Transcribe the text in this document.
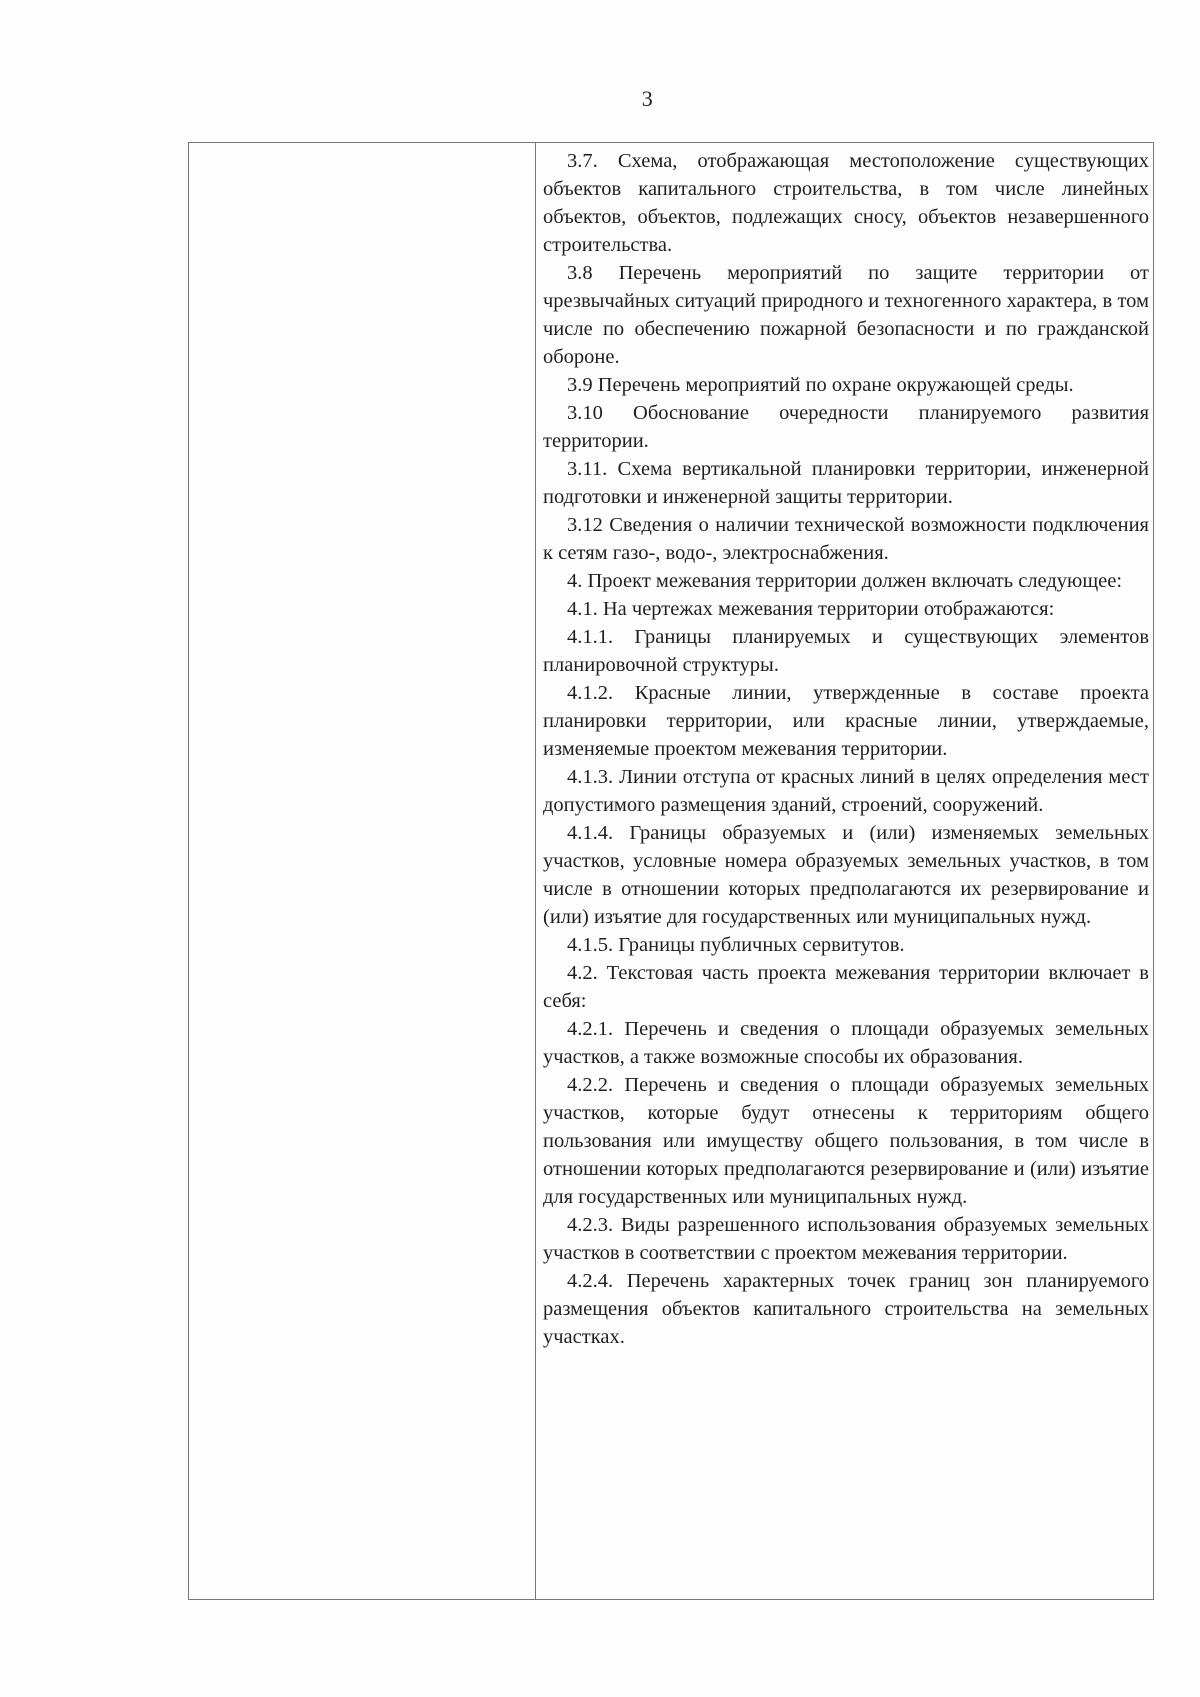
3

3.7. Схема, отображающая местоположение существующих объектов капитального строительства, в том числе линейных объектов, объектов, подлежащих сносу, объектов незавершенного строительства.

3.8 Перечень мероприятий по защите территории от чрезвычайных ситуаций природного и техногенного характера, в том числе по обеспечению пожарной безопасности и по гражданской обороне.

3.9 Перечень мероприятий по охране окружающей среды.

3.10 Обоснование очередности планируемого развития территории.

3.11. Схема вертикальной планировки территории, инженерной подготовки и инженерной защиты территории.

3.12 Сведения о наличии технической возможности подключения к сетям газо-, водо-, электроснабжения.

4. Проект межевания территории должен включать следующее:

4.1. На чертежах межевания территории отображаются:

4.1.1. Границы планируемых и существующих элементов планировочной структуры.

4.1.2. Красные линии, утвержденные в составе проекта планировки территории, или красные линии, утверждаемые, изменяемые проектом межевания территории.

4.1.3. Линии отступа от красных линий в целях определения мест допустимого размещения зданий, строений, сооружений.

4.1.4. Границы образуемых и (или) изменяемых земельных участков, условные номера образуемых земельных участков, в том числе в отношении которых предполагаются их резервирование и (или) изъятие для государственных или муниципальных нужд.

4.1.5. Границы публичных сервитутов.

4.2. Текстовая часть проекта межевания территории включает в себя:

4.2.1. Перечень и сведения о площади образуемых земельных участков, а также возможные способы их образования.

4.2.2. Перечень и сведения о площади образуемых земельных участков, которые будут отнесены к территориям общего пользования или имуществу общего пользования, в том числе в отношении которых предполагаются резервирование и (или) изъятие для государственных или муниципальных нужд.

4.2.3. Виды разрешенного использования образуемых земельных участков в соответствии с проектом межевания территории.

4.2.4. Перечень характерных точек границ зон планируемого размещения объектов капитального строительства на земельных участках.
